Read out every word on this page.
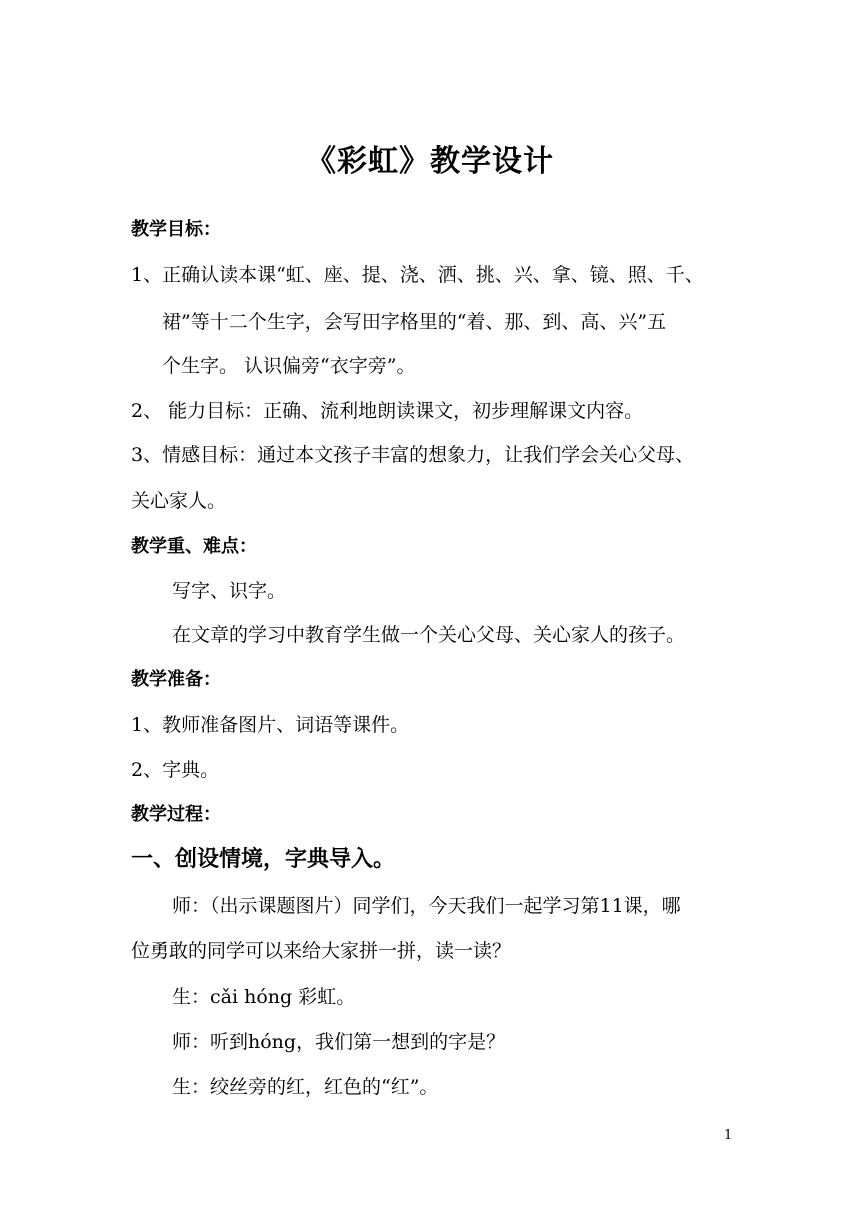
《彩虹》教学设计
教学目标：
1、正确认读本课“虹、座、提、浇、洒、挑、兴、拿、镜、照、千、
裙”等十二个生字，会写田字格里的“着、那、到、高、兴”五
个生字。 认识偏旁“衣字旁”。
2、 能力目标：正确、流利地朗读课文，初步理解课文内容。
3、情感目标：通过本文孩子丰富的想象力，让我们学会关心父母、
关心家人。
教学重、难点：
写字、识字。
在文章的学习中教育学生做一个关心父母、关心家人的孩子。
教学准备：
1、教师准备图片、词语等课件。
2、字典。
教学过程：
一、创设情境，字典导入。
师：（出示课题图片）同学们，今天我们一起学习第11课，哪
位勇敢的同学可以来给大家拼一拼，读一读？
生：cǎi hóng 彩虹。
师：听到hóng，我们第一想到的字是？
生：绞丝旁的红，红色的“红”。
1
